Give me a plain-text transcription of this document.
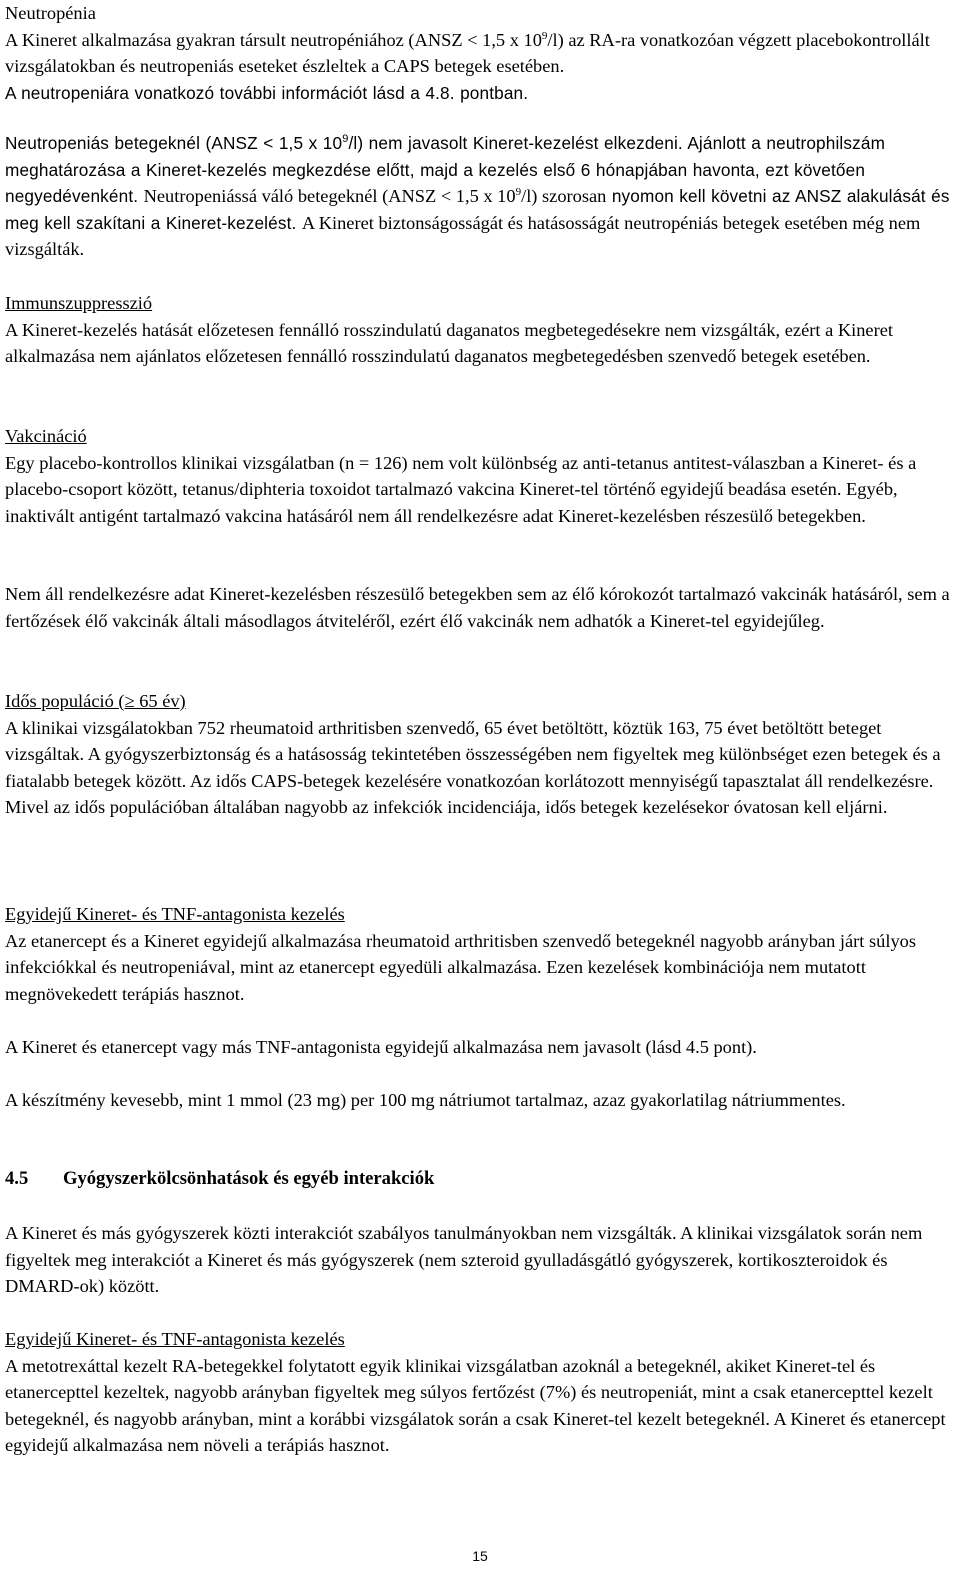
Neutropénia

A Kineret alkalmazása gyakran társult neutropéniához (ANSZ < 1,5 x $10^9/l$) az RA-ra vonatkozóan végzett placebokontrollált vizsgálatokban és neutropeniás eseteket észleltek a CAPS betegek esetében.

A neutropeniára vonatkozó további információt lásd a 4.8. pontban.

Neutropeniás betegeknél (ANSZ < 1,5 x $10^9/l$) nem javasolt Kineret-kezelést elkezdeni. Ajánlott a neutrophilszám meghatározása a Kineret-kezelés megkezdése előtt, majd a kezelés első 6 hónapjában havonta, ezt követően negyedévenként. Neutropeniássá váló betegeknél (ANSZ < 1,5 x $10^9/l$) szorosan nyomon kell követni az ANSZ alakulását és meg kell szakítani a Kineret-kezelést. A Kineret biztonságosságát és hatásosságát neutropéniás betegek esetében még nem vizsgálták.

Immunszuppresszió

A Kineret-kezelés hatását előzetesen fennálló rosszindulatú daganatos megbetegedésekre nem vizsgálták, ezért a Kineret alkalmazása nem ajánlatos előzetesen fennálló rosszindulatú daganatos megbetegedésben szenvedő betegek esetében.

Vakcináció

Egy placebo-kontrollos klinikai vizsgálatban (n = 126) nem volt különbség az anti-tetanus antitest-válaszban a Kineret- és a placebo-csoport között, tetanus/diphteria toxoidot tartalmazó vakcina Kineret-tel történő egyidejű beadása esetén. Egyéb, inaktivált antigént tartalmazó vakcina hatásáról nem áll rendelkezésre adat Kineret-kezelésben részesülő betegekben.

Nem áll rendelkezésre adat Kineret-kezelésben részesülő betegekben sem az élő kórokozót tartalmazó vakcinák hatásáról, sem a fertőzések élő vakcinák általi másodlagos átviteléről, ezért élő vakcinák nem adhatók a Kineret-tel egyidejűleg.

Idős populáció (≥ 65 év)

A klinikai vizsgálatokban 752 rheumatoid arthritisben szenvedő, 65 évet betöltött, köztük 163, 75 évet betöltött beteget vizsgáltak. A gyógyszerbiztonság és a hatásosság tekintetében összességében nem figyeltek meg különbséget ezen betegek és a fiatalabb betegek között. Az idős CAPS-betegek kezelésére vonatkozóan korlátozott mennyiségű tapasztalat áll rendelkezésre. Mivel az idős populációban általában nagyobb az infekciók incidenciája, idős betegek kezelésekor óvatosan kell eljárni.

Egyidejű Kineret- és TNF-antagonista kezelés

Az etanercept és a Kineret egyidejű alkalmazása rheumatoid arthritisben szenvedő betegeknél nagyobb arányban járt súlyos infekciókkal és neutropeniával, mint az etanercept egyedüli alkalmazása. Ezen kezelések kombinációja nem mutatott megnövekedett terápiás hasznot.

A Kineret és etanercept vagy más TNF-antagonista egyidejű alkalmazása nem javasolt (lásd 4.5 pont).

A készítmény kevesebb, mint 1 mmol (23 mg) per 100 mg nátriumot tartalmaz, azaz gyakorlatilag nátriummentes.

4.5 Gyógyszerkölcsönhatások és egyéb interakciók

A Kineret és más gyógyszerek közti interakciót szabályos tanulmányokban nem vizsgálták. A klinikai vizsgálatok során nem figyeltek meg interakciót a Kineret és más gyógyszerek (nem szteroid gyulladásgátló gyógyszerek, kortikoszteroidok és DMARD-ok) között.

Egyidejű Kineret- és TNF-antagonista kezelés

A metotrexáttal kezelt RA-betegekkel folytatott egyik klinikai vizsgálatban azoknál a betegeknél, akiket Kineret-tel és etanercepttel kezeltek, nagyobb arányban figyeltek meg súlyos fertőzést (7%) és neutropeniát, mint a csak etanercepttel kezelt betegeknél, és nagyobb arányban, mint a korábbi vizsgálatok során a csak Kineret-tel kezelt betegeknél. A Kineret és etanercept egyidejű alkalmazása nem növeli a terápiás hasznot.

15
